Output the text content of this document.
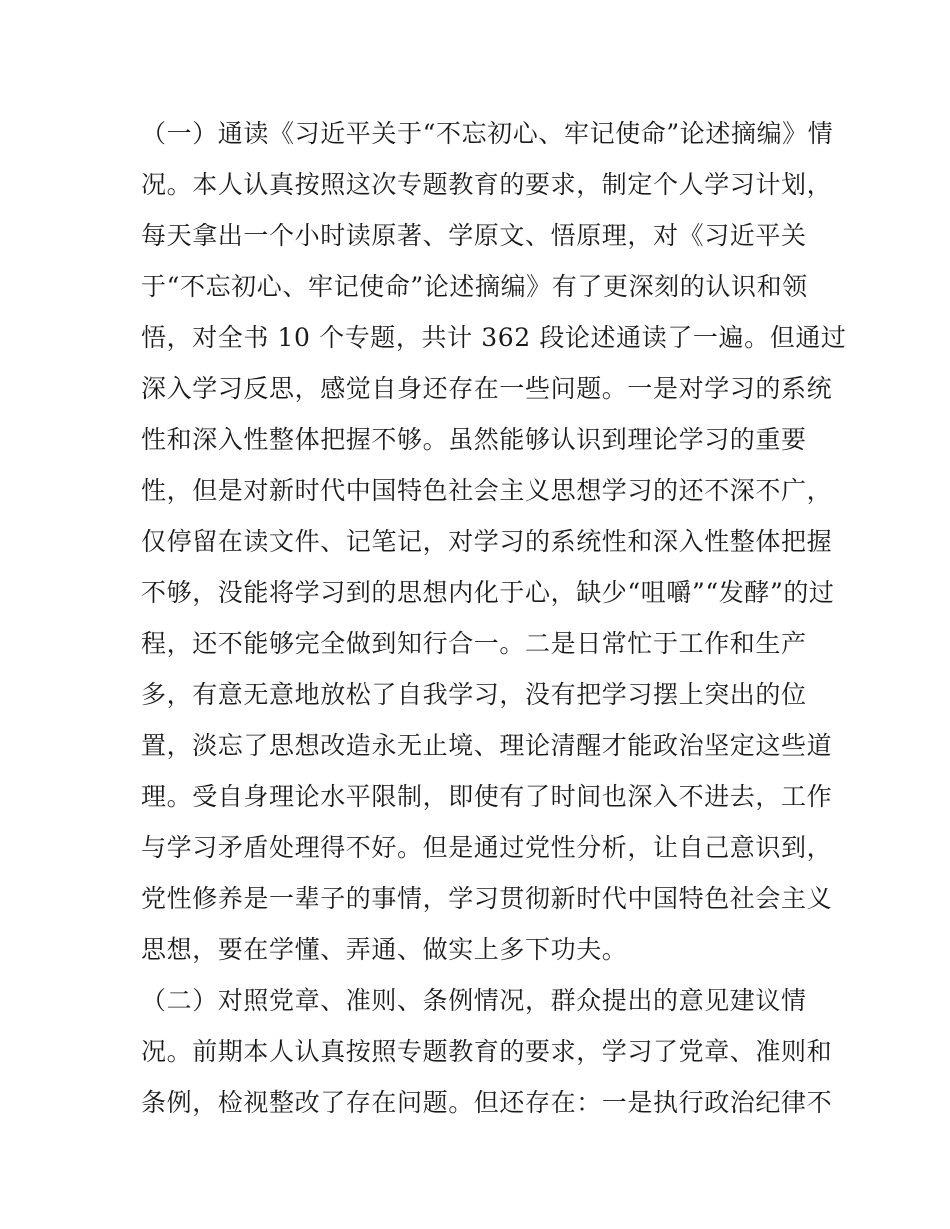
（一）通读《习近平关于“不忘初心、牢记使命”论述摘编》情
况。本人认真按照这次专题教育的要求，制定个人学习计划，
每天拿出一个小时读原著、学原文、悟原理，对《习近平关
于“不忘初心、牢记使命”论述摘编》有了更深刻的认识和领
悟，对全书 10 个专题，共计 362 段论述通读了一遍。但通过
深入学习反思，感觉自身还存在一些问题。一是对学习的系统
性和深入性整体把握不够。虽然能够认识到理论学习的重要
性，但是对新时代中国特色社会主义思想学习的还不深不广，
仅停留在读文件、记笔记，对学习的系统性和深入性整体把握
不够，没能将学习到的思想内化于心，缺少“咀嚼”“发酵”的过
程，还不能够完全做到知行合一。二是日常忙于工作和生产
多，有意无意地放松了自我学习，没有把学习摆上突出的位
置，淡忘了思想改造永无止境、理论清醒才能政治坚定这些道
理。受自身理论水平限制，即使有了时间也深入不进去，工作
与学习矛盾处理得不好。但是通过党性分析，让自己意识到，
党性修养是一辈子的事情，学习贯彻新时代中国特色社会主义
思想，要在学懂、弄通、做实上多下功夫。
（二）对照党章、准则、条例情况，群众提出的意见建议情
况。前期本人认真按照专题教育的要求，学习了党章、准则和
条例，检视整改了存在问题。但还存在：一是执行政治纪律不
